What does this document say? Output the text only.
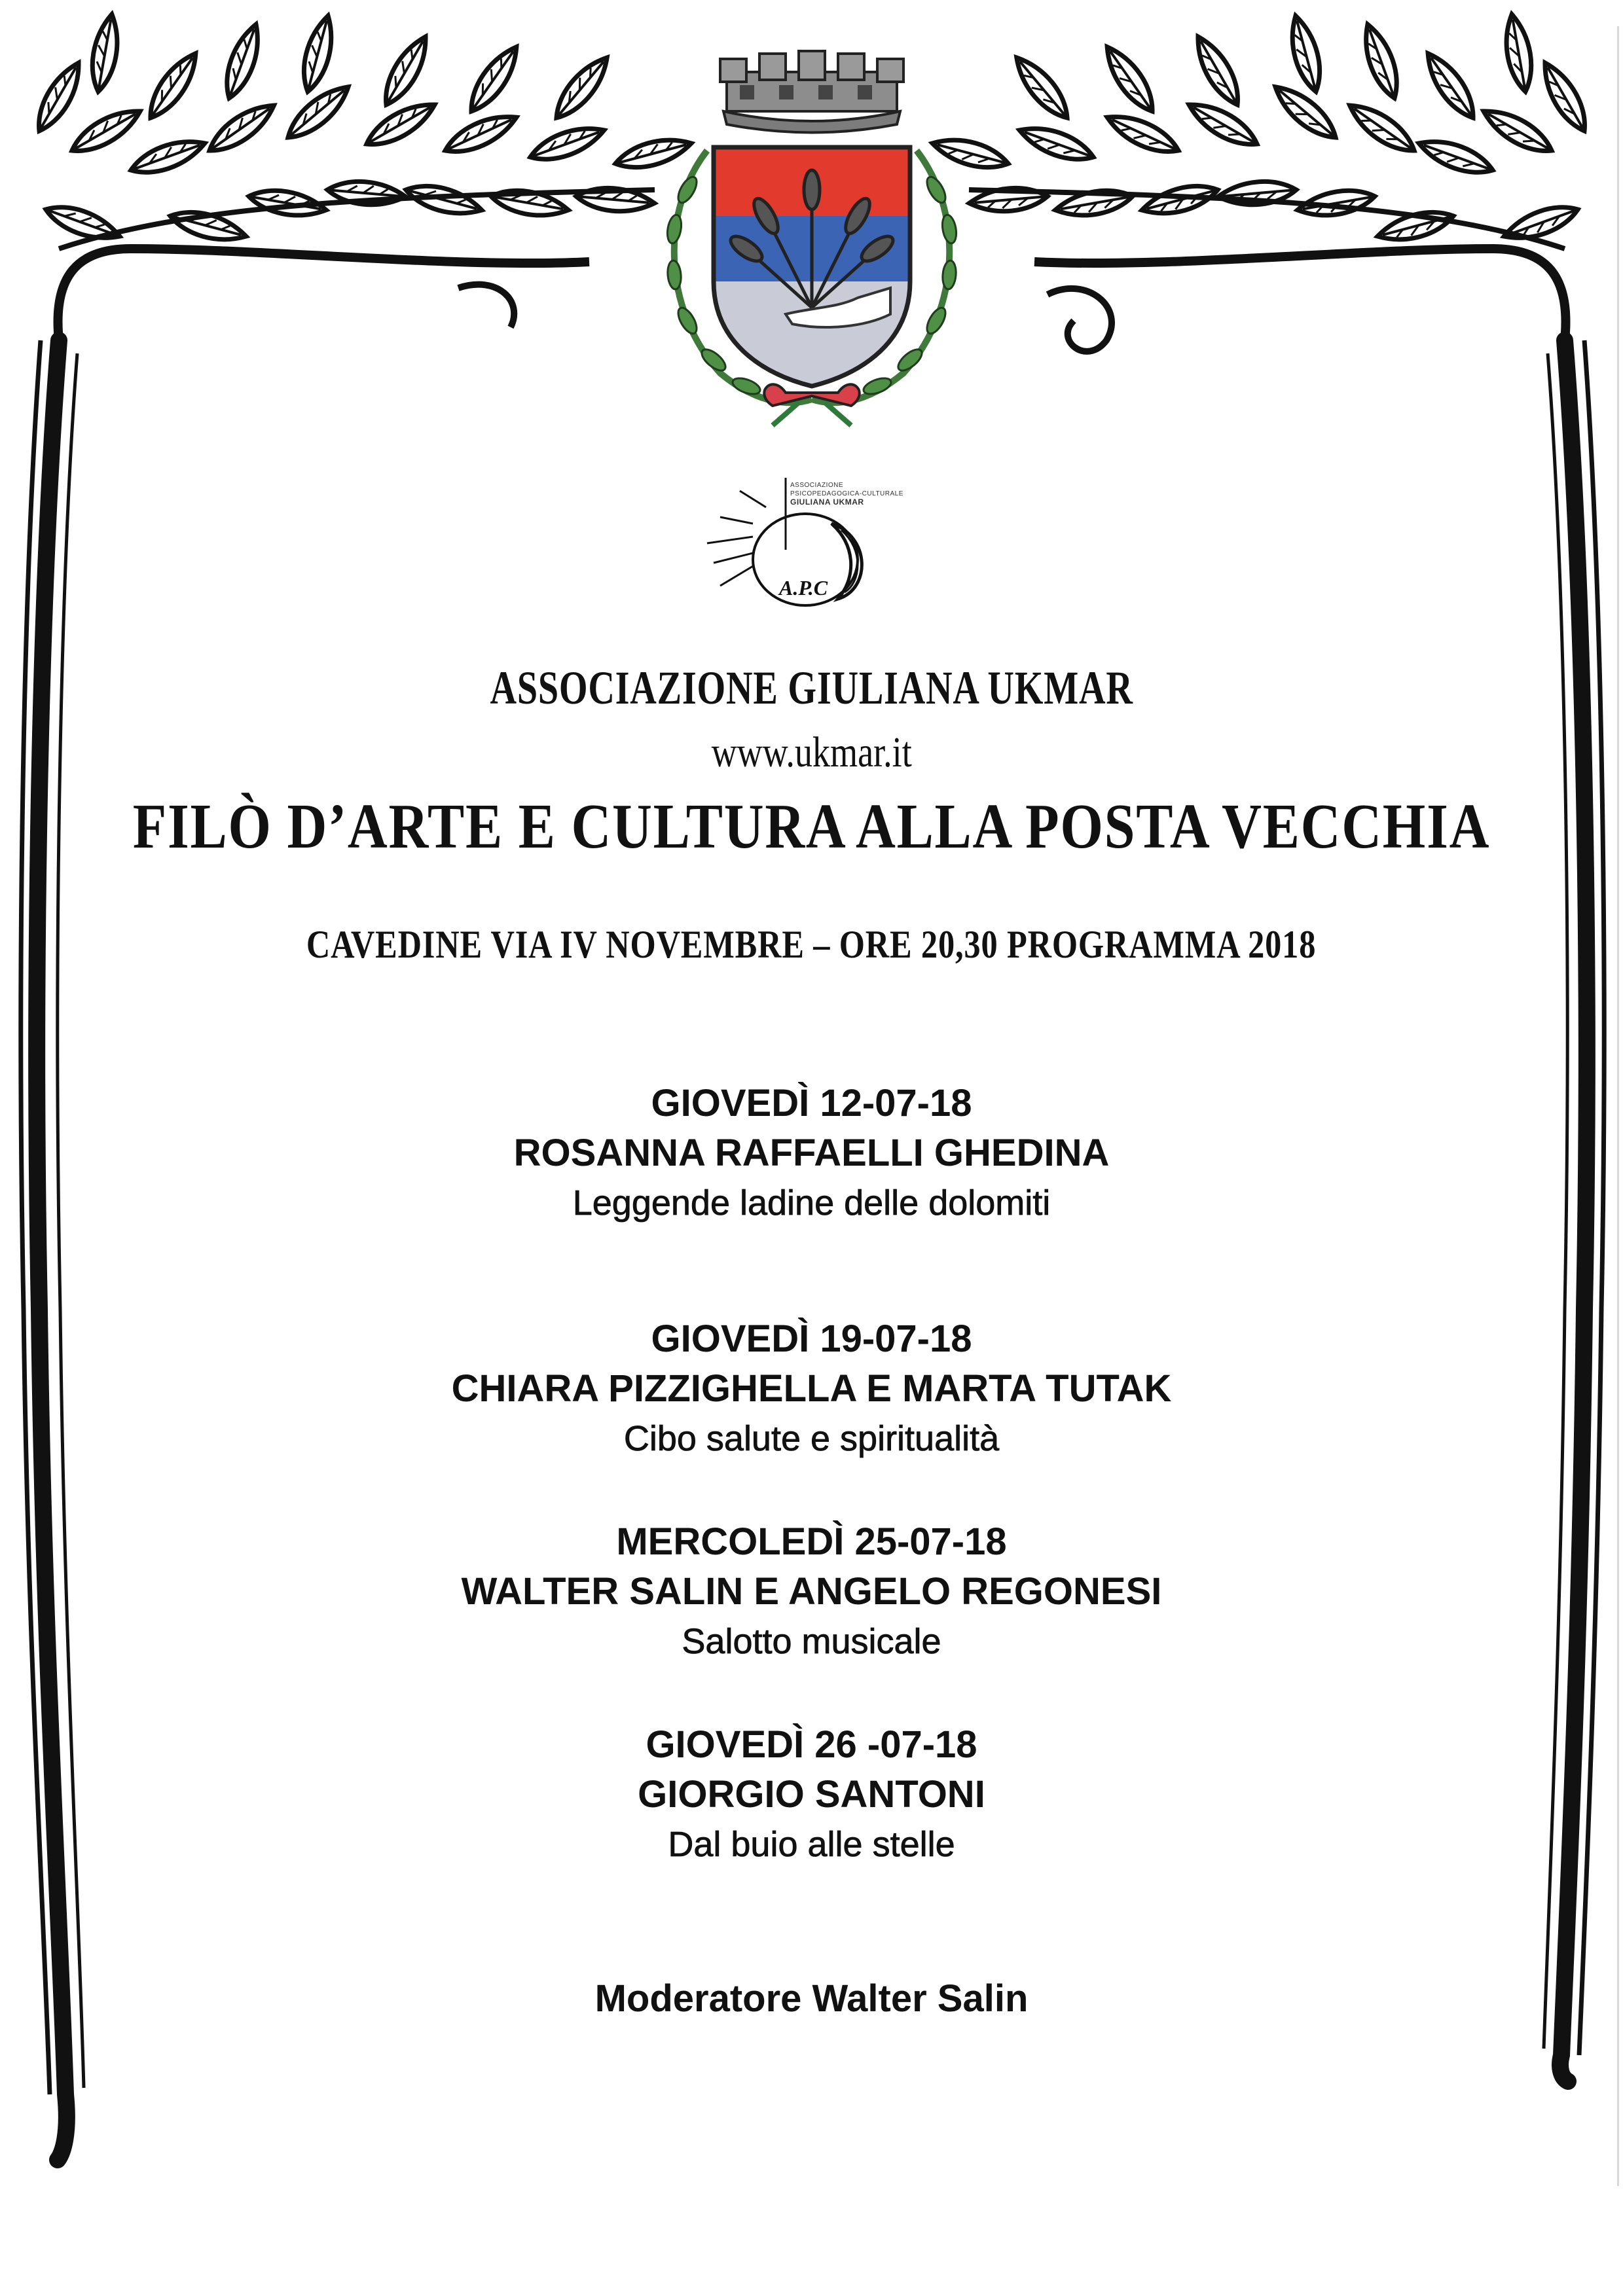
ASSOCIAZIONE
PSICOPEDAGOGICA-CULTURALE
GIULIANA UKMAR
A.P.C
ASSOCIAZIONE GIULIANA UKMAR
www.ukmar.it
FILÒ D’ARTE E CULTURA ALLA POSTA VECCHIA
CAVEDINE VIA IV NOVEMBRE – ORE 20,30 PROGRAMMA 2018
GIOVEDÌ 12-07-18
ROSANNA RAFFAELLI GHEDINA
Leggende ladine delle dolomiti
GIOVEDÌ 19-07-18
CHIARA PIZZIGHELLA E MARTA TUTAK
Cibo salute e spiritualità
MERCOLEDÌ 25-07-18
WALTER SALIN E ANGELO REGONESI
Salotto musicale
GIOVEDÌ 26 -07-18
GIORGIO SANTONI
Dal buio alle stelle
Moderatore Walter Salin
